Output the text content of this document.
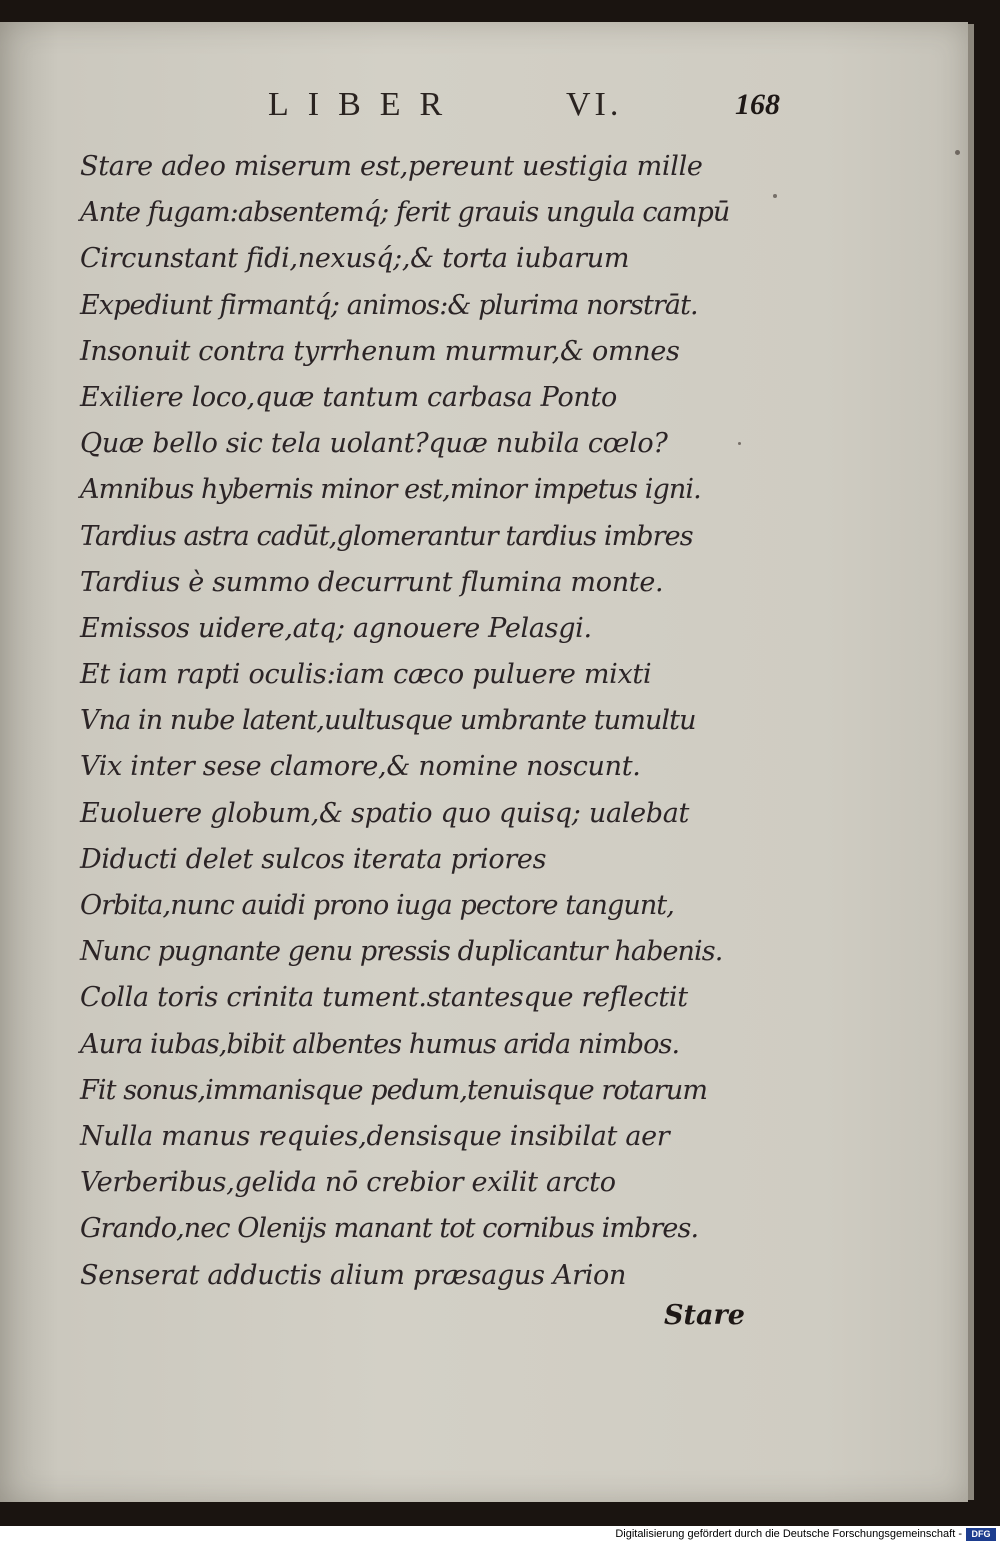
LIBER	VI.	168
Stare adeo miserum est,pereunt uestigia mille
Ante fugam:absentemq́; ferit grauis ungula campū
Circunstant fidi,nexusq́;,& torta iubarum
Expediunt firmantq́; animos:& plurima norstrāt.
Insonuit contra tyrrhenum murmur,& omnes
Exiliere loco,quæ tantum carbasa Ponto
Quæ bello sic tela uolant?quæ nubila cœlo?
Amnibus hybernis minor est,minor impetus igni.
Tardius astra cadūt,glomerantur tardius imbres
Tardius è summo decurrunt flumina monte.
Emissos uidere,atq; agnouere Pelasgi.
Et iam rapti oculis:iam cæco puluere mixti
Vna in nube latent,uultusque umbrante tumultu
Vix inter sese clamore,& nomine noscunt.
Euoluere globum,& spatio quo quisq; ualebat
Diducti delet sulcos iterata priores
Orbita,nunc auidi prono iuga pectore tangunt,
Nunc pugnante genu pressis duplicantur habenis.
Colla toris crinita tument.stantesque reflectit
Aura iubas,bibit albentes humus arida nimbos.
Fit sonus,immanisque pedum,tenuisque rotarum
Nulla manus requies,densisque insibilat aer
Verberibus,gelida nō crebior exilit arcto
Grando,nec Olenijs manant tot cornibus imbres.
Senserat adductis alium præsagus Arion
Stare
Digitalisierung gefördert durch die Deutsche Forschungsgemeinschaft -	DFG
